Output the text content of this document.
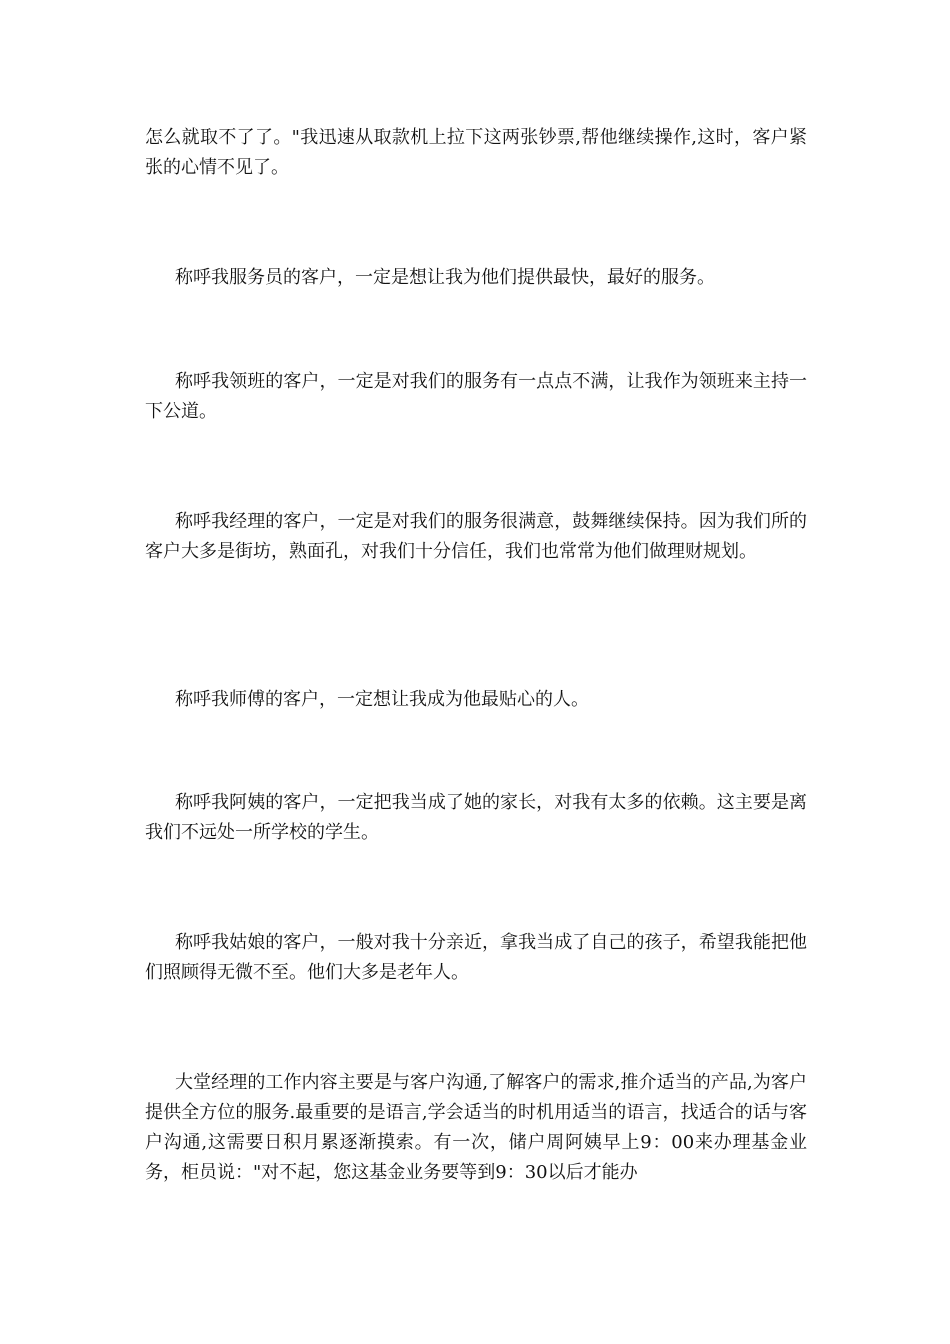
怎么就取不了了。"我迅速从取款机上拉下这两张钞票,帮他继续操作,这时，客户紧张的心情不见了。

称呼我服务员的客户，一定是想让我为他们提供最快，最好的服务。

称呼我领班的客户，一定是对我们的服务有一点点不满，让我作为领班来主持一下公道。

称呼我经理的客户，一定是对我们的服务很满意，鼓舞继续保持。因为我们所的客户大多是街坊，熟面孔，对我们十分信任，我们也常常为他们做理财规划。

称呼我师傅的客户，一定想让我成为他最贴心的人。

称呼我阿姨的客户，一定把我当成了她的家长，对我有太多的依赖。这主要是离我们不远处一所学校的学生。

称呼我姑娘的客户，一般对我十分亲近，拿我当成了自己的孩子，希望我能把他们照顾得无微不至。他们大多是老年人。

大堂经理的工作内容主要是与客户沟通,了解客户的需求,推介适当的产品,为客户提供全方位的服务.最重要的是语言,学会适当的时机用适当的语言，找适合的话与客户沟通,这需要日积月累逐渐摸索。有一次，储户周阿姨早上9：00来办理基金业务，柜员说："对不起，您这基金业务要等到9：30以后才能办
